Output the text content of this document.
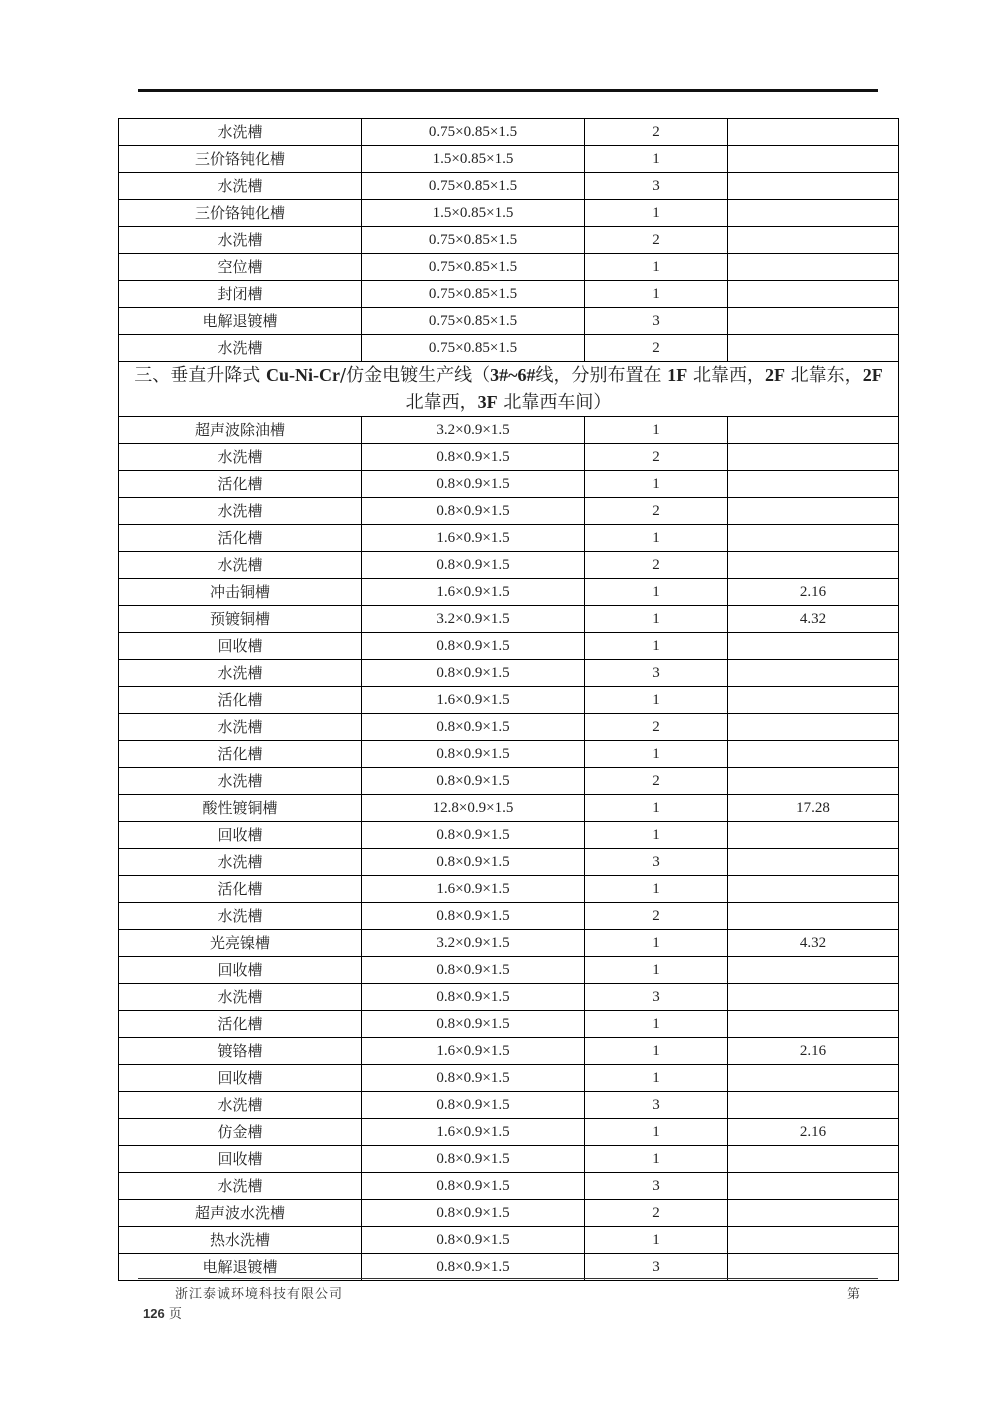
水洗槽	0.75×0.85×1.5	2	
三价铬钝化槽	1.5×0.85×1.5	1	
水洗槽	0.75×0.85×1.5	3	
三价铬钝化槽	1.5×0.85×1.5	1	
水洗槽	0.75×0.85×1.5	2	
空位槽	0.75×0.85×1.5	1	
封闭槽	0.75×0.85×1.5	1	
电解退镀槽	0.75×0.85×1.5	3	
水洗槽	0.75×0.85×1.5	2	
三、垂直升降式 Cu-Ni-Cr/仿金电镀生产线（3#~6#线，分别布置在 1F 北靠西，2F 北靠东，2F 北靠西，3F 北靠西车间）			
超声波除油槽	3.2×0.9×1.5	1	
水洗槽	0.8×0.9×1.5	2	
活化槽	0.8×0.9×1.5	1	
水洗槽	0.8×0.9×1.5	2	
活化槽	1.6×0.9×1.5	1	
水洗槽	0.8×0.9×1.5	2	
冲击铜槽	1.6×0.9×1.5	1	2.16
预镀铜槽	3.2×0.9×1.5	1	4.32
回收槽	0.8×0.9×1.5	1	
水洗槽	0.8×0.9×1.5	3	
活化槽	1.6×0.9×1.5	1	
水洗槽	0.8×0.9×1.5	2	
活化槽	0.8×0.9×1.5	1	
水洗槽	0.8×0.9×1.5	2	
酸性镀铜槽	12.8×0.9×1.5	1	17.28
回收槽	0.8×0.9×1.5	1	
水洗槽	0.8×0.9×1.5	3	
活化槽	1.6×0.9×1.5	1	
水洗槽	0.8×0.9×1.5	2	
光亮镍槽	3.2×0.9×1.5	1	4.32
回收槽	0.8×0.9×1.5	1	
水洗槽	0.8×0.9×1.5	3	
活化槽	0.8×0.9×1.5	1	
镀铬槽	1.6×0.9×1.5	1	2.16
回收槽	0.8×0.9×1.5	1	
水洗槽	0.8×0.9×1.5	3	
仿金槽	1.6×0.9×1.5	1	2.16
回收槽	0.8×0.9×1.5	1	
水洗槽	0.8×0.9×1.5	3	
超声波水洗槽	0.8×0.9×1.5	2	
热水洗槽	0.8×0.9×1.5	1	
电解退镀槽	0.8×0.9×1.5	3	
浙江泰诚环境科技有限公司	第
126 页
